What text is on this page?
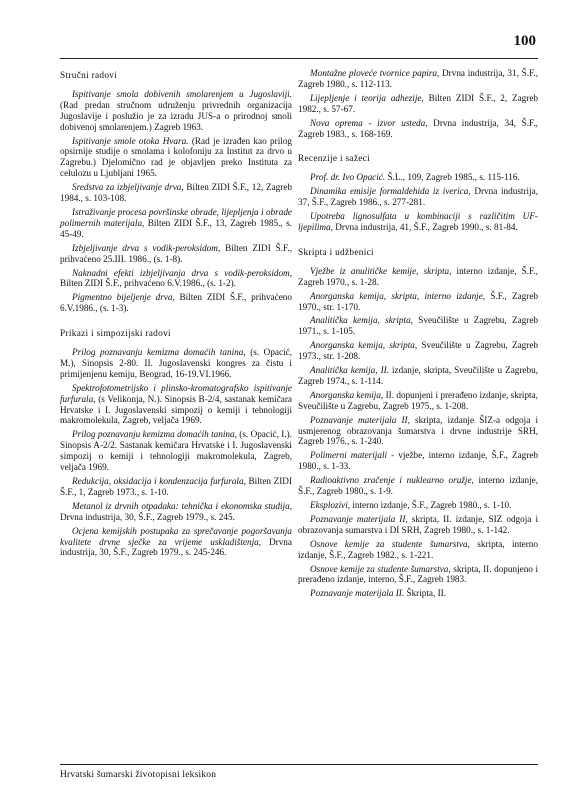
100
Stručni radovi
Ispitivanje smola dobivenih smolarenjem u Jugoslaviji. (Rad predan stručnom udruženju privrednih organizacija Jugoslavije i poslužio je za izradu JUS-a o prirodnoj smoli dobivenoj smolarenjem.) Zagreb 1963.
Ispitivanje smole otoka Hvara. (Rad je izrađen kao prilog opsirnije studije o smolama i kolofoniju za Institut za drvo u Zagrebu.) Djelomično rad je objavljen preko Instituta za celulozu u Ljubljani 1965.
Sredstva za izbjeljivanje drva, Bilten ZIDI Š.F., 12, Zagreb 1984., s. 103-108.
Istraživanje procesa površinske obrade, lijepljenja i obrade polimernih materijala, Bilten ZIDI Š.F., 13, Zagreb 1985., s. 45-49.
Izbjeljivanje drva s vodik-peroksidom, Bilten ZIDI Š.F., prihvaćeno 25.III. 1986., (s. 1-8).
Naknadni efekti izbjeljivanja drva s vodik-peroksidom, Bilten ZIDI Š.F., prihvaćeno 6.V.1986., (s. 1-2).
Pigmentno bijeljenje drva, Bilten ZIDI Š.F., prihvaćeno 6.V.1986., (s. 1-3).
Prikazi i simpozijski radovi
Prilog poznavanju kemizma domaćih tanina, (s. Opacić, M.), Sinopsis 2-80. II. Jugoslavenski kongres za čistu i primijenjenu kemiju, Beograd, 16-19.VI.1966.
Spektrofotometrijsko i plinsko-kromatografsko ispitivanje furfurala, (s Velikonja, N.). Sinopsis B-2/4, sastanak kemičara Hrvatske i I. Jugoslavenski simpozij o kemiji i tehnologiji makromolekula, Zagreb, veljača 1969.
Prilog poznavanju kemizma domaćih tanina, (s. Opacić, I.). Sinopsis A-2/2. Sastanak kemičara Hrvatske i I. Jugoslavenski simpozij o kemiji i tehnologiji makromolekula, Zagreb, veljača 1969.
Redukcija, oksidacija i kondenzacija furfurala, Bilten ZIDI Š.F., 1, Zagreb 1973., s. 1-10.
Metanol iz drvnih otpadaka: tehnička i ekonomska studija, Drvna industrija, 30, Š.F., Zagreb 1979., s. 245.
Ocjena kemijskih postupaka za sprečavanje pogoršavanja kvalitete drvne sječke za vrijeme uskladištenja, Drvna industrija, 30, Š.F., Zagreb 1979., s. 245-246.
Montažne ploveće tvornice papira, Drvna industrija, 31, Š.F., Zagreb 1980., s. 112-113.
Lijepljenje i teorija adhezije, Bilten ZIDI Š.F., 2, Zagreb 1982., s. 57-67.
Nova oprema - izvor usteda, Drvna industrija, 34, Š.F., Zagreb 1983., s. 168-169.
Recenzije i sažeci
Prof. dr. Ivo Opacić. Š.L., 109, Zagreb 1985., s. 115-116.
Dinamika emisije formaldehida iz iverica, Drvna industrija, 37, Š.F., Zagreb 1986., s. 277-281.
Upotreba lignosulfata u kombinaciji s različitim UF-ljepilima, Drvna industrija, 41, Š.F., Zagreb 1990., s. 81-84.
Skripta i udžbenici
Vježbe iz anulitičke kemije, skripta, interno izdanje, Š.F., Zagreb 1970., s. 1-28.
Anorganska kemija, skripta, interno izdanje, Š.F., Zagreb 1970., str. 1-170.
Analitička kemija, skripta, Sveučilište u Zagrebu, Zagreb 1971., s. 1-105.
Anorganska kemija, skripta, Sveučilište u Zagrebu, Zagreb 1973., str. 1-208.
Analitička kemija, II. izdanje, skripta, Sveučilište u Zagrebu, Zagreb 1974., s. 1-114.
Anorganska kemija, II. dopunjeni i prerađeno izdanje, skripta, Sveučilište u Zagrebu, Zagreb 1975., s. 1-208.
Poznavanje materijala II, skripta, izdanje ŠIZ-a odgoja i usmjerenog obrazovanja šumarstva i drvne industrije SRH, Zagreb 1976., s. 1-240.
Polimerni materijali - vježbe, interno izdanje, Š.F., Zagreb 1980., s. 1-33.
Radioaktivno zračenje i nuklearno oružje, interno izdanje, Š.F., Zagreb 1980., s. 1-9.
Eksplozivi, interno izdanje, Š.F., Zagreb 1980., s. 1-10.
Poznavanje materijala II, skripta, II. izdanje, SIZ odgoja i obrazovanja sumarstva i DI SRH, Zagreb 1980., s. 1-142.
Osnove kemije za studente šumarstva, skripta, interno izdanje, Š.F., Zagreb 1982., s. 1-221.
Osnove kemije za studente šumarstva, skripta, II. dopunjeno i prerađeno izdanje, interno, Š.F., Zagreb 1983.
Poznavanje materijala II. Škripta, II.
Hrvatski šumarski životopisni leksikon
